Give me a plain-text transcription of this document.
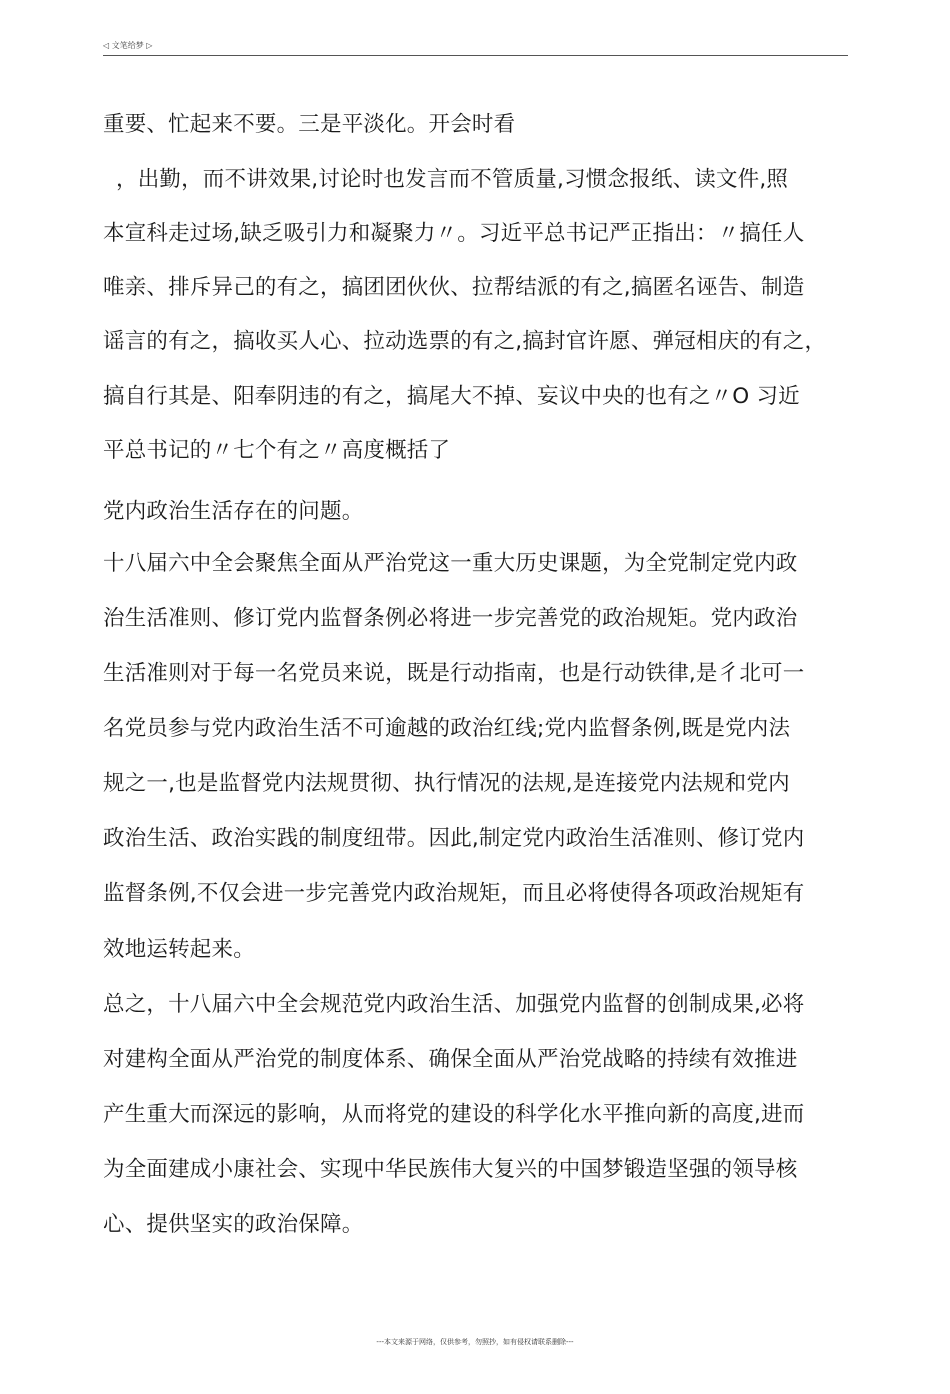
◁ 文笔给梦 ▷
重要、忙起来不要。三是平淡化。开会时看
，出勤，而不讲效果,讨论时也发言而不管质量,习惯念报纸、读文件,照
本宣科走过场,缺乏吸引力和凝聚力〃。习近平总书记严正指出：〃搞任人
唯亲、排斥异己的有之，搞团团伙伙、拉帮结派的有之,搞匿名诬告、制造
谣言的有之，搞收买人心、拉动选票的有之,搞封官许愿、弹冠相庆的有之，
搞自行其是、阳奉阴违的有之，搞尾大不掉、妄议中央的也有之〃O 习近
平总书记的〃七个有之〃高度概括了
党内政治生活存在的问题。
十八届六中全会聚焦全面从严治党这一重大历史课题，为全党制定党内政
治生活准则、修订党内监督条例必将进一步完善党的政治规矩。党内政治
生活准则对于每一名党员来说，既是行动指南，也是行动铁律,是彳北可一
名党员参与党内政治生活不可逾越的政治红线;党内监督条例,既是党内法
规之一,也是监督党内法规贯彻、执行情况的法规,是连接党内法规和党内
政治生活、政治实践的制度纽带。因此,制定党内政治生活准则、修订党内
监督条例,不仅会进一步完善党内政治规矩，而且必将使得各项政治规矩有
效地运转起来。
总之，十八届六中全会规范党内政治生活、加强党内监督的创制成果,必将
对建构全面从严治党的制度体系、确保全面从严治党战略的持续有效推进
产生重大而深远的影响，从而将党的建设的科学化水平推向新的高度,进而
为全面建成小康社会、实现中华民族伟大复兴的中国梦锻造坚强的领导核
心、提供坚实的政治保障。
---本文来源于网络，仅供参考，勿照抄，如有侵权请联系删除---
